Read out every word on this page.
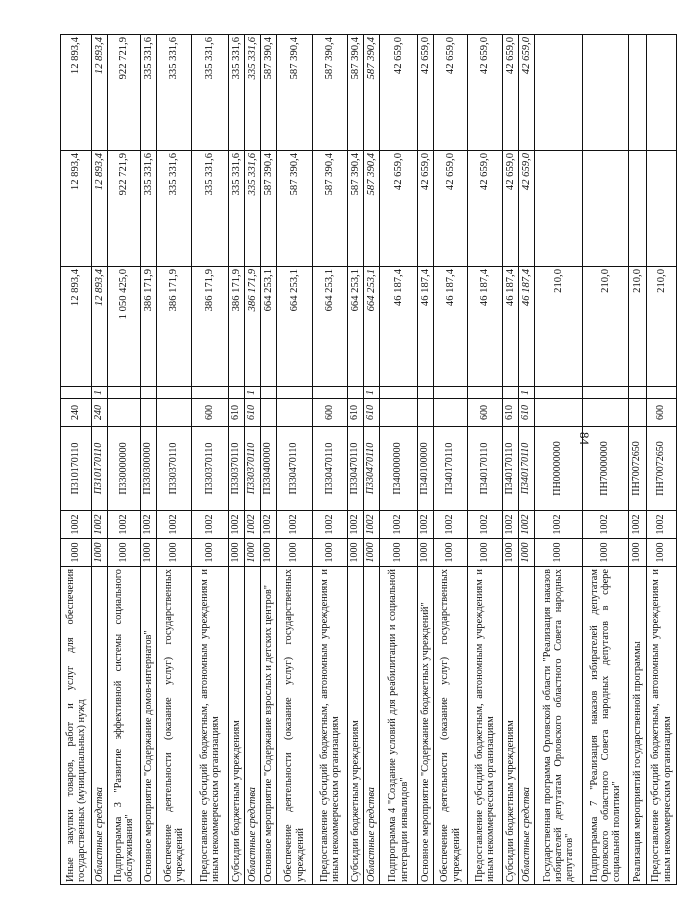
84
Иные закупки товаров, работ и услуг для обеспечения государственных (муниципальных) нужд	1000	1002	П310170110	240		12 893,4	12 893,4	12 893,4
Областные средства	1000	1002	П310170110	240	1	12 893,4	12 893,4	12 893,4
Подпрограмма 3 "Развитие эффективной системы социального обслуживания"	1000	1002	П330000000			1 050 425,0	922 721,9	922 721,9
Основное мероприятие "Содержание домов-интернатов"	1000	1002	П330300000			386 171,9	335 331,6	335 331,6
Обеспечение деятельности (оказание услуг) государственных учреждений	1000	1002	П330370110			386 171,9	335 331,6	335 331,6
Предоставление субсидий бюджетным, автономным учреждениям и иным некоммерческим организациям	1000	1002	П330370110	600		386 171,9	335 331,6	335 331,6
Субсидии бюджетным учреждениям	1000	1002	П330370110	610		386 171,9	335 331,6	335 331,6
Областные средства	1000	1002	П330370110	610	1	386 171,9	335 331,6	335 331,6
Основное мероприятие "Содержание взрослых и детских центров"	1000	1002	П330400000			664 253,1	587 390,4	587 390,4
Обеспечение деятельности (оказание услуг) государственных учреждений	1000	1002	П330470110			664 253,1	587 390,4	587 390,4
Предоставление субсидий бюджетным, автономным учреждениям и иным некоммерческим организациям	1000	1002	П330470110	600		664 253,1	587 390,4	587 390,4
Субсидии бюджетным учреждениям	1000	1002	П330470110	610		664 253,1	587 390,4	587 390,4
Областные средства	1000	1002	П330470110	610	1	664 253,1	587 390,4	587 390,4
Подпрограмма 4 "Создание условий для реабилитации и социальной интеграции инвалидов"	1000	1002	П340000000			46 187,4	42 659,0	42 659,0
Основное мероприятие "Содержание бюджетных учреждений"	1000	1002	П340100000			46 187,4	42 659,0	42 659,0
Обеспечение деятельности (оказание услуг) государственных учреждений	1000	1002	П340170110			46 187,4	42 659,0	42 659,0
Предоставление субсидий бюджетным, автономным учреждениям и иным некоммерческим организациям	1000	1002	П340170110	600		46 187,4	42 659,0	42 659,0
Субсидии бюджетным учреждениям	1000	1002	П340170110	610		46 187,4	42 659,0	42 659,0
Областные средства	1000	1002	П340170110	610	1	46 187,4	42 659,0	42 659,0
Государственная программа Орловской области "Реализация наказов избирателей депутатам Орловского областного Совета народных депутатов"	1000	1002	ПН00000000			210,0		
Подпрограмма 7 "Реализация наказов избирателей депутатам Орловского областного Совета народных депутатов в сфере социальной политики"	1000	1002	ПН70000000			210,0		
Реализация мероприятий государственной программы	1000	1002	ПН70072650			210,0		
Предоставление субсидий бюджетным, автономным учреждениям и иным некоммерческим организациям	1000	1002	ПН70072650	600		210,0		
